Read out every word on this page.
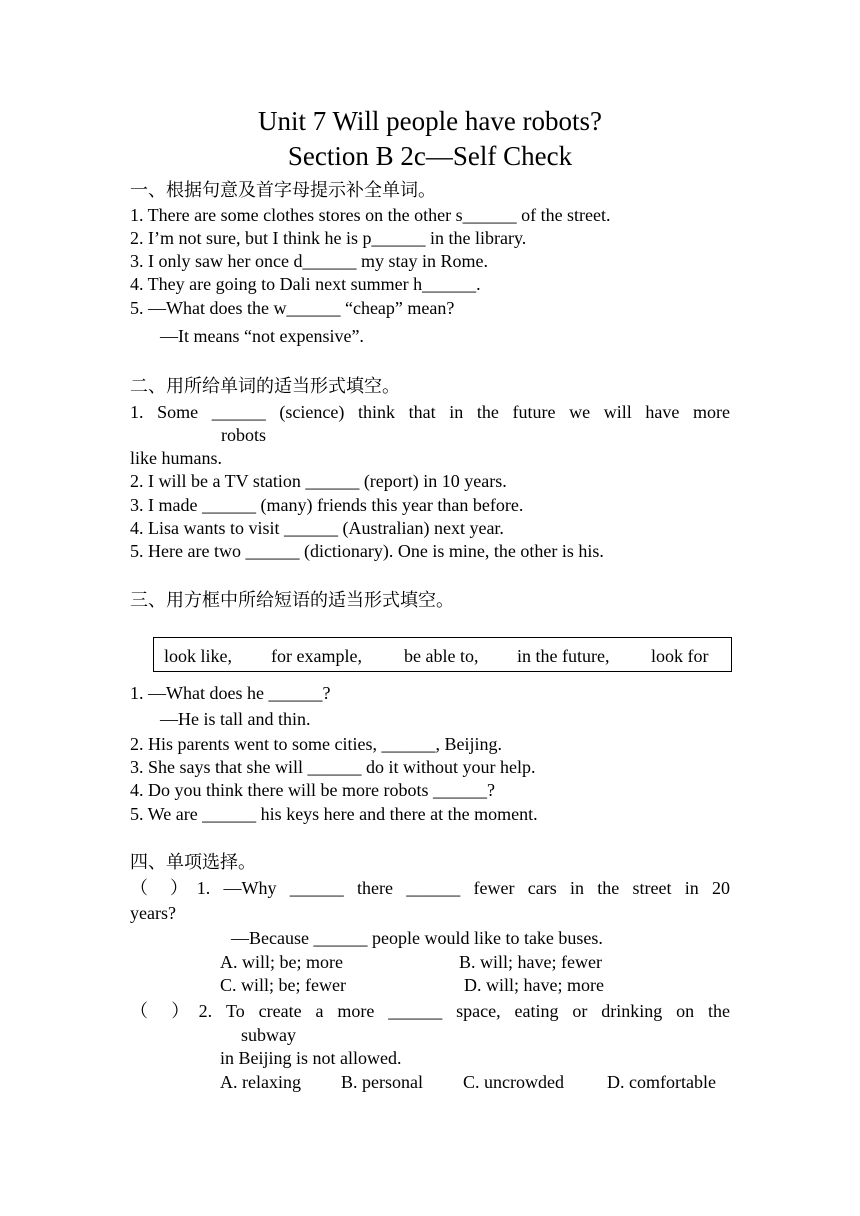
Unit 7 Will people have robots?
Section B 2c—Self Check
一、根据句意及首字母提示补全单词。
1. There are some clothes stores on the other s______ of the street.
2. I’m not sure, but I think he is p______ in the library.
3. I only saw her once d______ my stay in Rome.
4. They are going to Dali next summer h______.
5. —What does the w______ “cheap” mean?
—It means “not expensive”.
二、用所给单词的适当形式填空。
1. Some ______ (science) think that in the future we will have more
robots
like humans.
2. I will be a TV station ______ (report) in 10 years.
3. I made ______ (many) friends this year than before.
4. Lisa wants to visit ______ (Australian) next year.
5. Here are two ______ (dictionary). One is mine, the other is his.
三、用方框中所给短语的适当形式填空。
look like, for example, be able to, in the future, look for
1. —What does he ______?
—He is tall and thin.
2. His parents went to some cities, ______, Beijing.
3. She says that she will ______ do it without your help.
4. Do you think there will be more robots ______?
5. We are ______ his keys here and there at the moment.
四、单项选择。
（ ）1. —Why ______ there ______ fewer cars in the street in 20
years?
—Because ______ people would like to take buses.
A. will; be; more	B. will; have; fewer
C. will; be; fewer	D. will; have; more
（ ）2. To create a more ______ space, eating or drinking on the
subway
in Beijing is not allowed.
A. relaxing B. personal C. uncrowded D. comfortable
